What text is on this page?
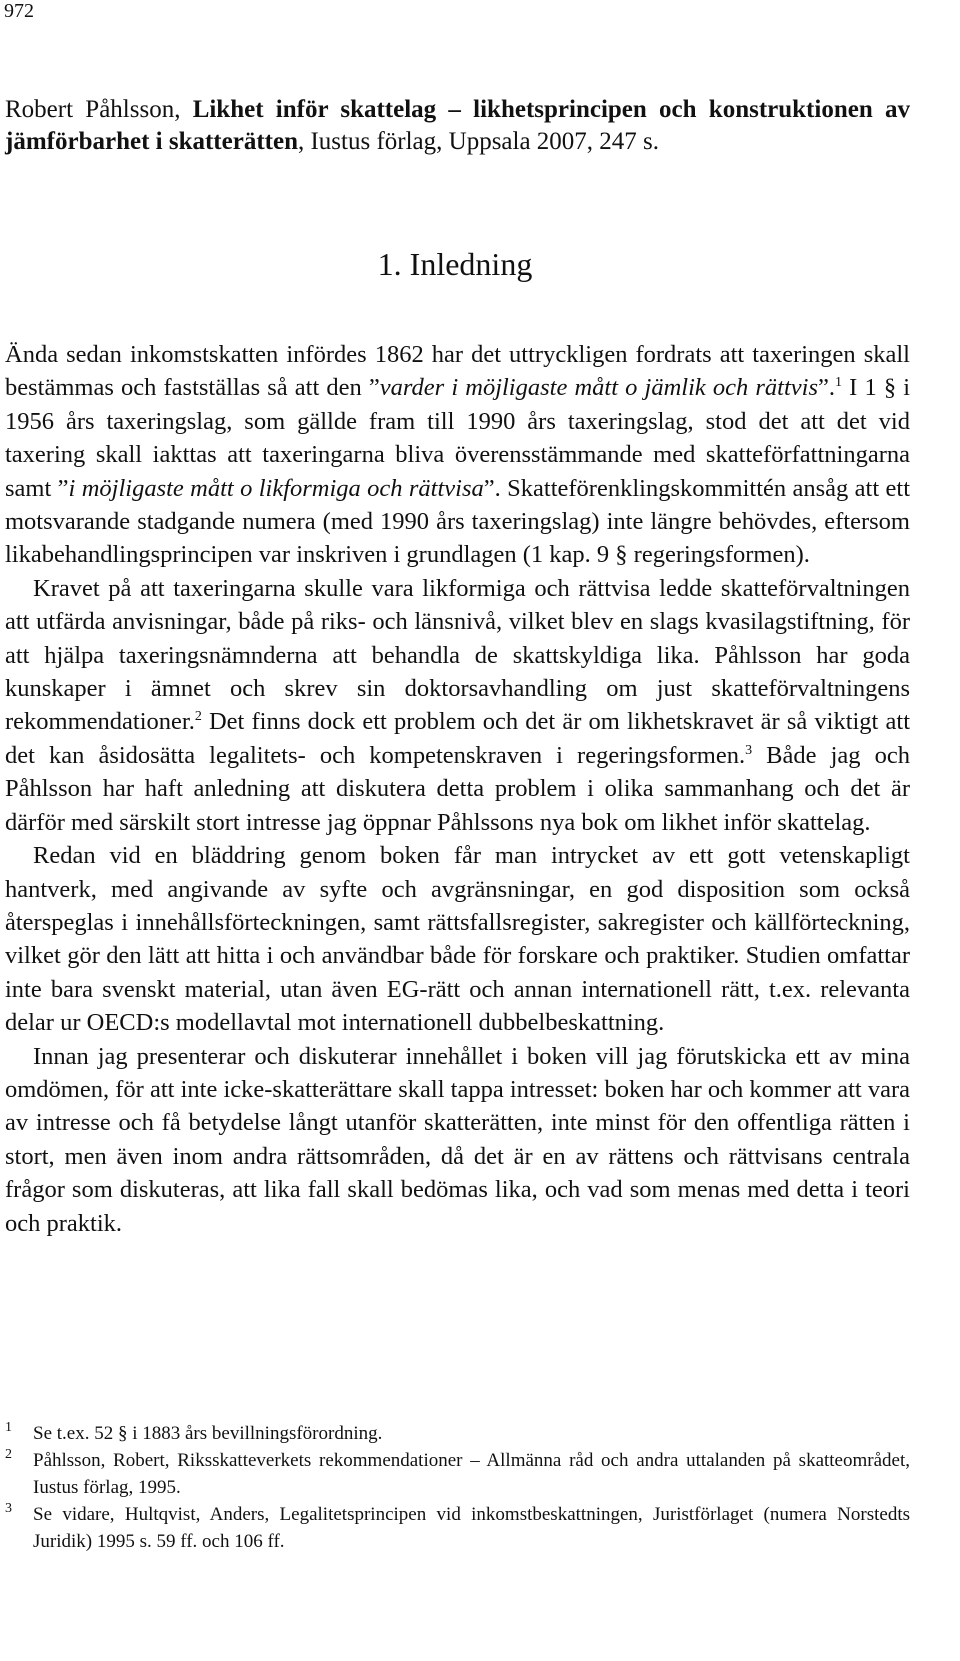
972
Robert Påhlsson, Likhet inför skattelag – likhetsprincipen och konstruktionen av jämförbarhet i skatterätten, Iustus förlag, Uppsala 2007, 247 s.
1. Inledning

Ända sedan inkomstskatten infördes 1862 har det uttryckligen fordrats att taxeringen skall bestämmas och fastställas så att den ”varder i möjligaste mått o jämlik och rättvis”.$^1$ I 1 § i 1956 års taxeringslag, som gällde fram till 1990 års taxeringslag, stod det att det vid taxering skall iakttas att taxeringarna bliva överensstämmande med skatteförfattningarna samt ”i möjligaste mått o likformiga och rättvisa”. Skatteförenklingskommittén ansåg att ett motsvarande stadgande numera (med 1990 års taxeringslag) inte längre behövdes, eftersom likabehandlingsprincipen var inskriven i grundlagen (1 kap. 9 § regeringsformen).

Kravet på att taxeringarna skulle vara likformiga och rättvisa ledde skatteförvaltningen att utfärda anvisningar, både på riks- och länsnivå, vilket blev en slags kvasilagstiftning, för att hjälpa taxeringsnämnderna att behandla de skattskyldiga lika. Påhlsson har goda kunskaper i ämnet och skrev sin doktorsavhandling om just skatteförvaltningens rekommendationer.$^2$ Det finns dock ett problem och det är om likhetskravet är så viktigt att det kan åsidosätta legalitets- och kompetenskraven i regeringsformen.$^3$ Både jag och Påhlsson har haft anledning att diskutera detta problem i olika sammanhang och det är därför med särskilt stort intresse jag öppnar Påhlssons nya bok om likhet inför skattelag.

Redan vid en bläddring genom boken får man intrycket av ett gott vetenskapligt hantverk, med angivande av syfte och avgränsningar, en god disposition som också återspeglas i innehållsförteckningen, samt rättsfallsregister, sakregister och källförteckning, vilket gör den lätt att hitta i och användbar både för forskare och praktiker. Studien omfattar inte bara svenskt material, utan även EG-rätt och annan internationell rätt, t.ex. relevanta delar ur OECD:s modellavtal mot internationell dubbelbeskattning.

Innan jag presenterar och diskuterar innehållet i boken vill jag förutskicka ett av mina omdömen, för att inte icke-skatterättare skall tappa intresset: boken har och kommer att vara av intresse och få betydelse långt utanför skatterätten, inte minst för den offentliga rätten i stort, men även inom andra rättsområden, då det är en av rättens och rättvisans centrala frågor som diskuteras, att lika fall skall bedömas lika, och vad som menas med detta i teori och praktik.

1 Se t.ex. 52 § i 1883 års bevillningsförordning.
2 Påhlsson, Robert, Riksskatteverkets rekommendationer – Allmänna råd och andra uttalanden på skatteområdet, Iustus förlag, 1995.
3 Se vidare, Hultqvist, Anders, Legalitetsprincipen vid inkomstbeskattningen, Juristförlaget (numera Norstedts Juridik) 1995 s. 59 ff. och 106 ff.
